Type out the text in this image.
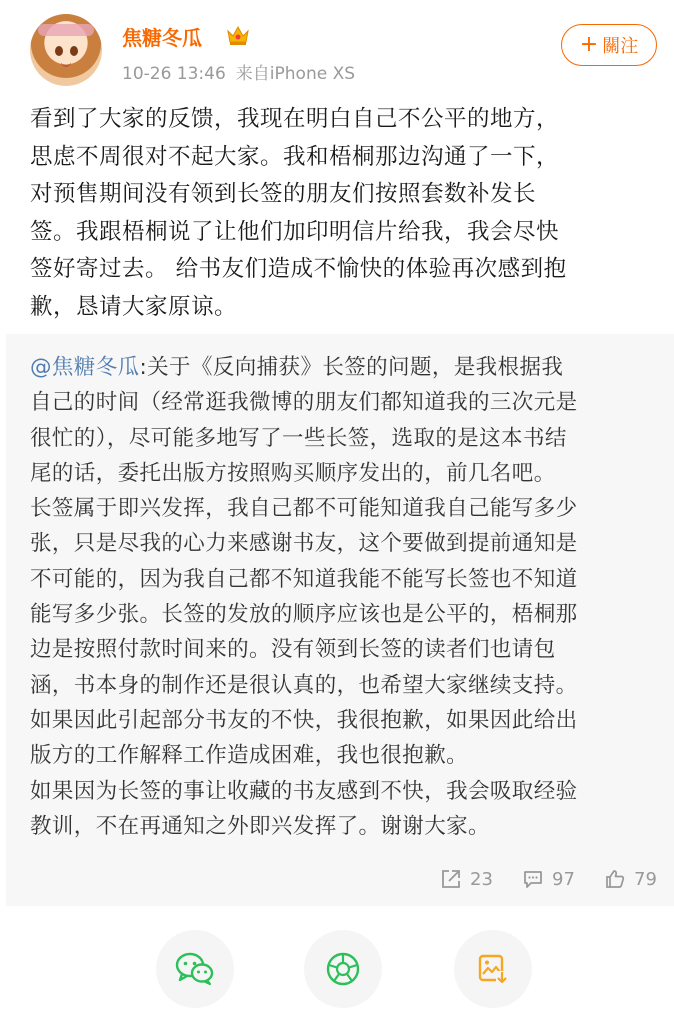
焦糖冬瓜
10-26 13:46 来自iPhone XS
+ 關注
看到了大家的反馈，我现在明白自己不公平的地方，
思虑不周很对不起大家。我和梧桐那边沟通了一下，
对预售期间没有领到长签的朋友们按照套数补发长
签。我跟梧桐说了让他们加印明信片给我，我会尽快
签好寄过去。 给书友们造成不愉快的体验再次感到抱
歉，恳请大家原谅。
@焦糖冬瓜:关于《反向捕获》长签的问题，是我根据我
自己的时间（经常逛我微博的朋友们都知道我的三次元是
很忙的），尽可能多地写了一些长签，选取的是这本书结
尾的话，委托出版方按照购买顺序发出的，前几名吧。
长签属于即兴发挥，我自己都不可能知道我自己能写多少
张，只是尽我的心力来感谢书友，这个要做到提前通知是
不可能的，因为我自己都不知道我能不能写长签也不知道
能写多少张。长签的发放的顺序应该也是公平的，梧桐那
边是按照付款时间来的。没有领到长签的读者们也请包
涵，书本身的制作还是很认真的，也希望大家继续支持。
如果因此引起部分书友的不快，我很抱歉，如果因此给出
版方的工作解释工作造成困难，我也很抱歉。
如果因为长签的事让收藏的书友感到不快，我会吸取经验
教训，不在再通知之外即兴发挥了。谢谢大家。
23	97	79
